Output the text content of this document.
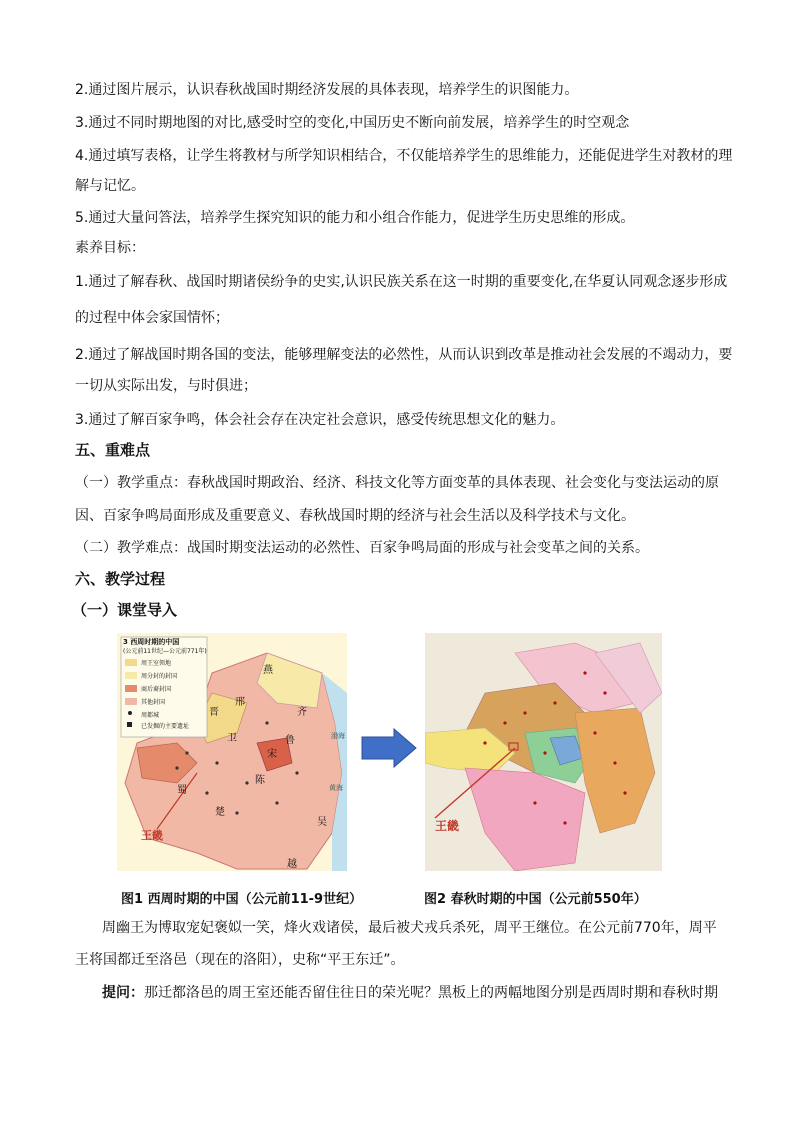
2.通过图片展示，认识春秋战国时期经济发展的具体表现，培养学生的识图能力。
3.通过不同时期地图的对比,感受时空的变化,中国历史不断向前发展，培养学生的时空观念
4.通过填写表格，让学生将教材与所学知识相结合，不仅能培养学生的思维能力，还能促进学生对教材的理
解与记忆。
5.通过大量问答法，培养学生探究知识的能力和小组合作能力，促进学生历史思维的形成。
素养目标：
1.通过了解春秋、战国时期诸侯纷争的史实,认识民族关系在这一时期的重要变化,在华夏认同观念逐步形成
的过程中体会家国情怀；
2.通过了解战国时期各国的变法，能够理解变法的必然性，从而认识到改革是推动社会发展的不竭动力，要
一切从实际出发，与时俱进；
3.通过了解百家争鸣，体会社会存在决定社会意识，感受传统思想文化的魅力。
五、重难点
（一）教学重点：春秋战国时期政治、经济、科技文化等方面变革的具体表现、社会变化与变法运动的原
因、百家争鸣局面形成及重要意义、春秋战国时期的经济与社会生活以及科学技术与文化。
（二）教学难点：战国时期变法运动的必然性、百家争鸣局面的形成与社会变革之间的关系。
六、教学过程
（一）课堂导入
3 西周时期的中国
(公元前11世纪—公元前771年)
周王室领地
周分封的封国
商后裔封国
其他封国
周都城
已发掘的主要遗址
燕
齐
宋
陈
楚
越
吴
王畿
蜀
邢
卫	鲁
晋
渤海
黄海
王畿
图1 西周时期的中国（公元前11-9世纪）	图2 春秋时期的中国（公元前550年）
周幽王为博取宠妃褒姒一笑，烽火戏诸侯，最后被犬戎兵杀死，周平王继位。在公元前770年，周平
王将国都迁至洛邑（现在的洛阳），史称“平王东迁”。
提问：那迁都洛邑的周王室还能否留住往日的荣光呢？黑板上的两幅地图分别是西周时期和春秋时期
